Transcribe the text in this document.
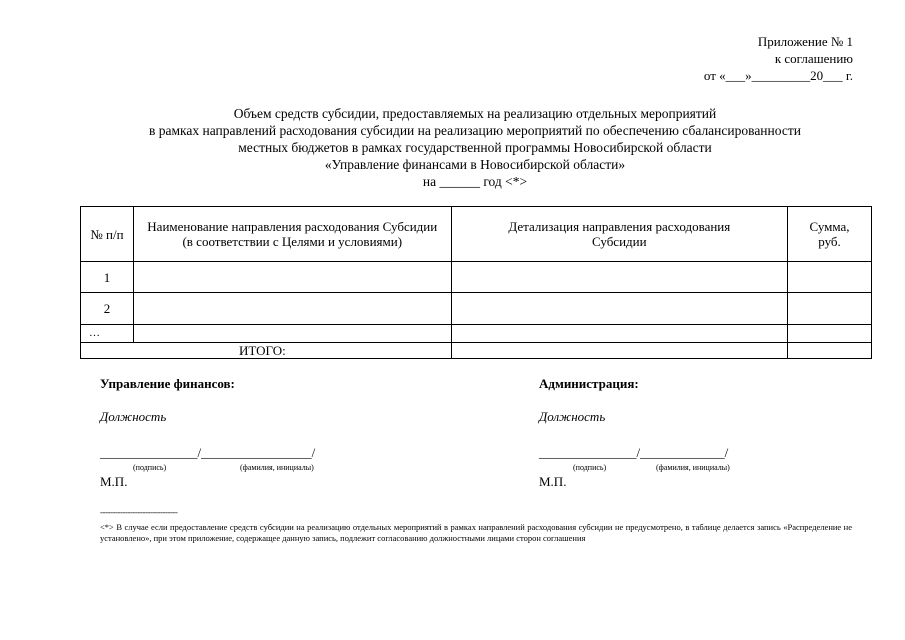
Приложение № 1
к соглашению
от «___»_________20___ г.
Объем средств субсидии, предоставляемых на реализацию отдельных мероприятий
в рамках направлений расходования субсидии на реализацию мероприятий по обеспечению сбалансированности
местных бюджетов в рамках государственной программы Новосибирской области
«Управление финансами в Новосибирской области»
на ______ год <*>
№ п/п	Наименование направления расходования Субсидии (в соответствии с Целями и условиями)	Детализация направления расходования Субсидии	Сумма, руб.
1			
2			
…			
ИТОГО:			
Управление финансов:
Должность
_______________/_________________/
(подпись)	(фамилия, инициалы)
М.П.
Администрация:
Должность
_______________/_____________/
(подпись)	(фамилия, инициалы)
М.П.
-------------------------------
<*> В случае если предоставление средств субсидии на реализацию отдельных мероприятий в рамках направлений расходования субсидии не предусмотрено, в таблице делается запись «Распределение не установлено», при этом приложение, содержащее данную запись, подлежит согласованию должностными лицами сторон соглашения
